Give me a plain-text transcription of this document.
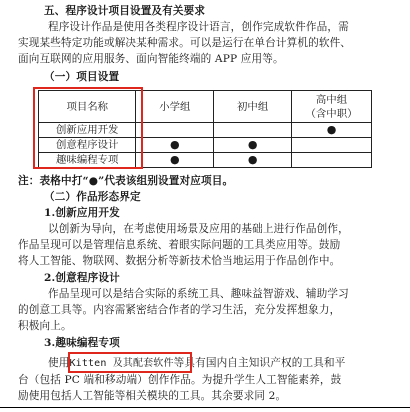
五、程序设计项目设置及有关要求
程序设计作品是使用各类程序设计语言，创作完成软件作品，需
实现某些特定功能或解决某种需求。可以是运行在单台计算机的软件、
面向互联网的应用服务、面向智能终端的 APP 应用等。
（一）项目设置
项目名称	小学组	初中组	高中组
（含中职）

创新应用开发			●
创意程序设计	●	●	
趣味编程专项	●	●	
注：表格中打“●”代表该组别设置对应项目。
（二）作品形态界定
1.创新应用开发
以创新为导向，在考虑使用场景及应用的基础上进行作品创作，
作品呈现可以是管理信息系统、着眼实际问题的工具类应用等。鼓励
将人工智能、物联网、数据分析等新技术恰当地运用于作品创作中。
2.创意程序设计
作品呈现可以是结合实际的系统工具、趣味益智游戏、辅助学习
的创意工具等。内容需紧密结合作者的学习生活，充分发挥想象力，
积极向上。
3.趣味编程专项
使用Kitten 及其配套软件等具有国内自主知识产权的工具和平
台（包括 PC 端和移动端）创作作品。为提升学生人工智能素养，鼓
励使用包括人工智能等相关模块的工具。其余要求同 2。
